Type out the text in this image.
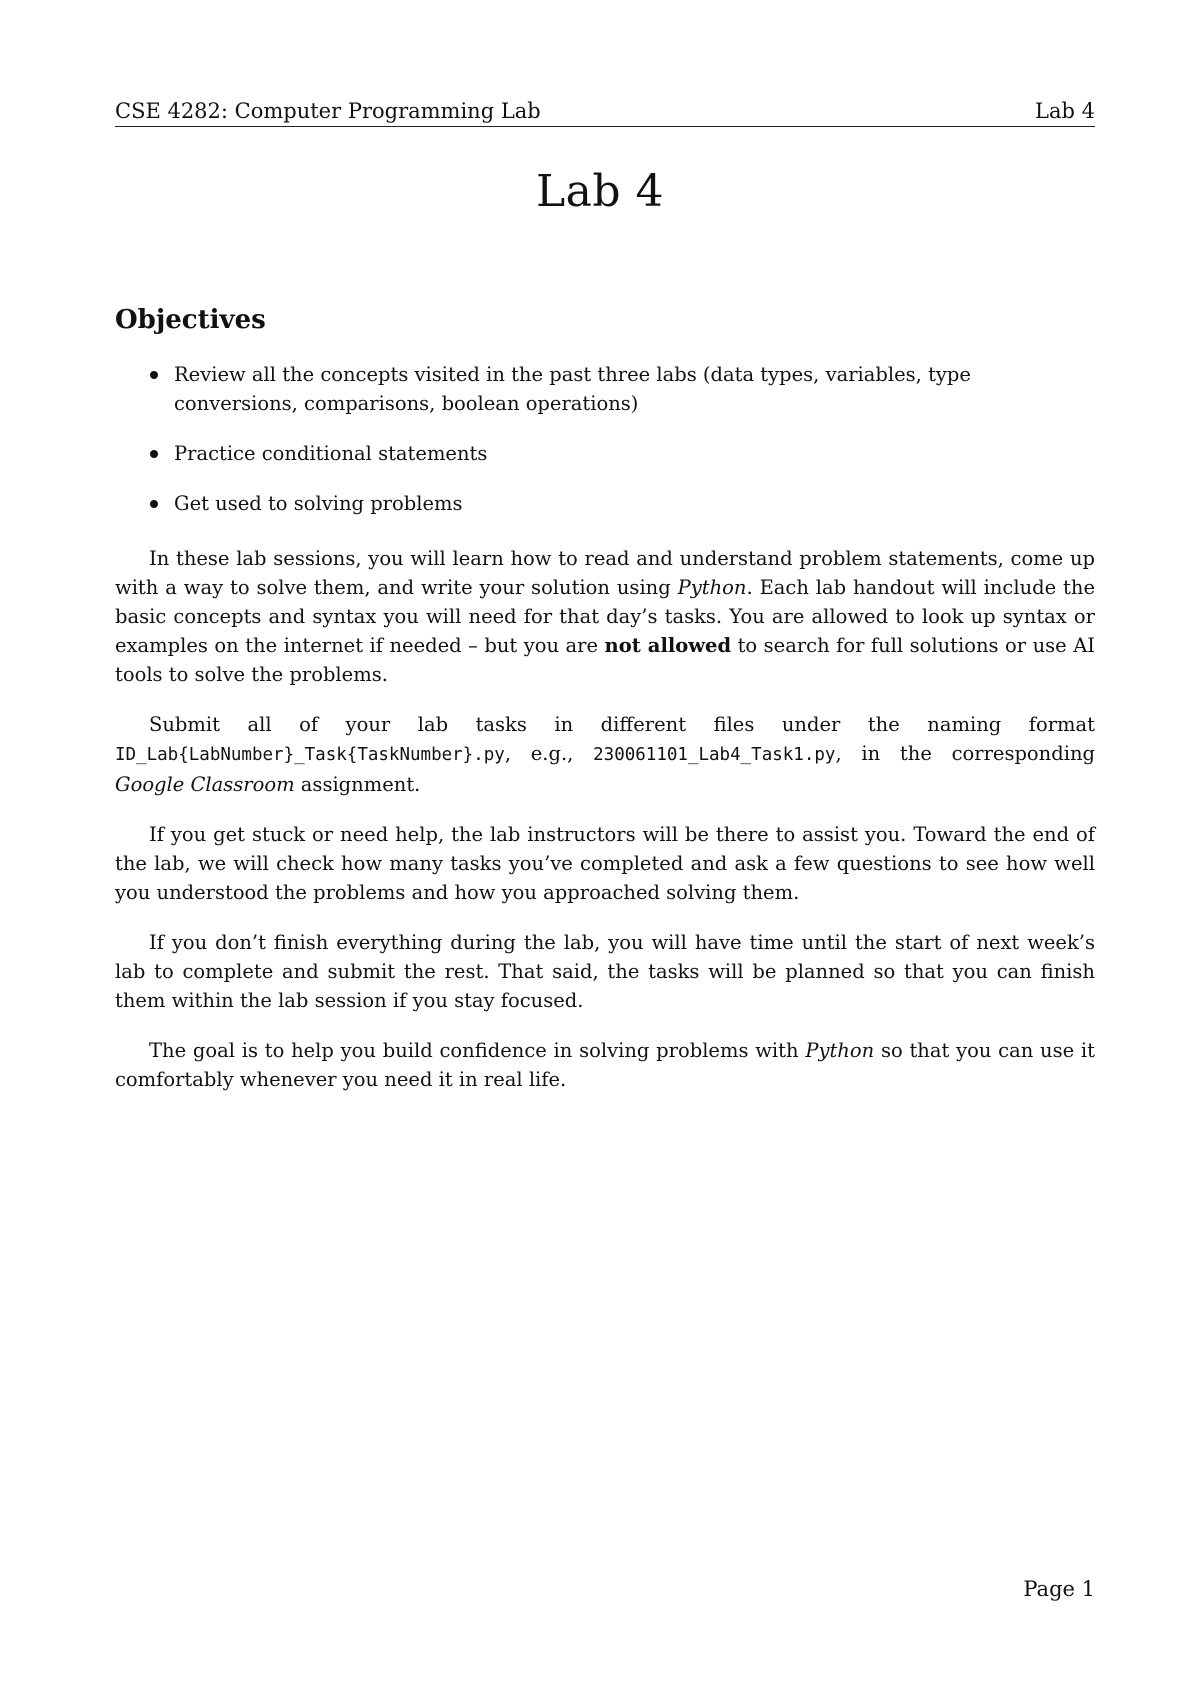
CSE 4282: Computer Programming Lab	Lab 4
Lab 4
Objectives
Review all the concepts visited in the past three labs (data types, variables, type conversions, comparisons, boolean operations)
Practice conditional statements
Get used to solving problems

In these lab sessions, you will learn how to read and understand problem statements, come up with a way to solve them, and write your solution using Python. Each lab handout will include the basic concepts and syntax you will need for that day’s tasks. You are allowed to look up syntax or examples on the internet if needed – but you are not allowed to search for full solutions or use AI tools to solve the problems.

Submit all of your lab tasks in different files under the naming format ID_Lab{LabNumber}_Task{TaskNumber}.py, e.g., 230061101_Lab4_Task1.py, in the corresponding Google Classroom assignment.

If you get stuck or need help, the lab instructors will be there to assist you. Toward the end of the lab, we will check how many tasks you’ve completed and ask a few questions to see how well you understood the problems and how you approached solving them.

If you don’t finish everything during the lab, you will have time until the start of next week’s lab to complete and submit the rest. That said, the tasks will be planned so that you can finish them within the lab session if you stay focused.

The goal is to help you build confidence in solving problems with Python so that you can use it comfortably whenever you need it in real life.

Page 1
